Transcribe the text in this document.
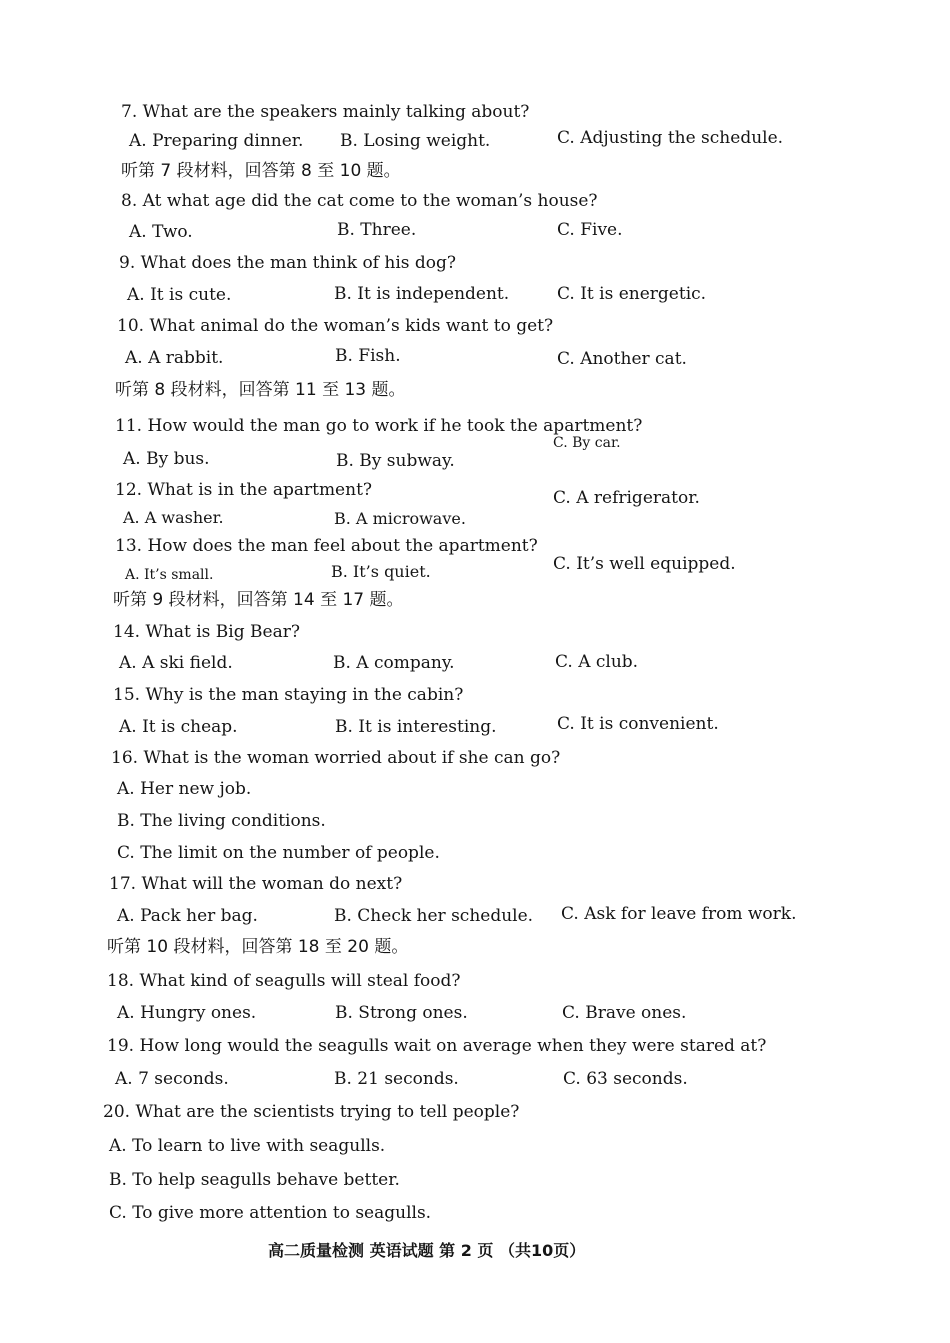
7. What are the speakers mainly talking about?
A. Preparing dinner. B. Losing weight.	C. Adjusting the schedule.
听第 7 段材料，回答第 8 至 10 题。
8. At what age did the cat come to the woman’s house?
A. Two.	B. Three.	C. Five.
9. What does the man think of his dog?
A. It is cute.	B. It is independent.	C. It is energetic.
10. What animal do the woman’s kids want to get?
A. A rabbit.	B. Fish.	C. Another cat.
听第 8 段材料，回答第 11 至 13 题。
11. How would the man go to work if he took the apartment?
C. By car.
A. By bus.	B. By subway.
12. What is in the apartment?	C. A refrigerator.
A. A washer.	B. A microwave.
13. How does the man feel about the apartment?
C. It’s well equipped.
A. It’s small.	B. It’s quiet.
听第 9 段材料，回答第 14 至 17 题。
14. What is Big Bear?
A. A ski field.	B. A company.	C. A club.
15. Why is the man staying in the cabin?
A. It is cheap.	B. It is interesting.	C. It is convenient.
16. What is the woman worried about if she can go?
A. Her new job.
B. The living conditions.
C. The limit on the number of people.
17. What will the woman do next?
A. Pack her bag.	B. Check her schedule. C. Ask for leave from work.
听第 10 段材料，回答第 18 至 20 题。
18. What kind of seagulls will steal food?
A. Hungry ones.	B. Strong ones.	C. Brave ones.
19. How long would the seagulls wait on average when they were stared at?
A. 7 seconds.	B. 21 seconds.	C. 63 seconds.
20. What are the scientists trying to tell people?
A. To learn to live with seagulls.
B. To help seagulls behave better.
C. To give more attention to seagulls.
高二质量检测 英语试题 第 2 页 （共10页）
